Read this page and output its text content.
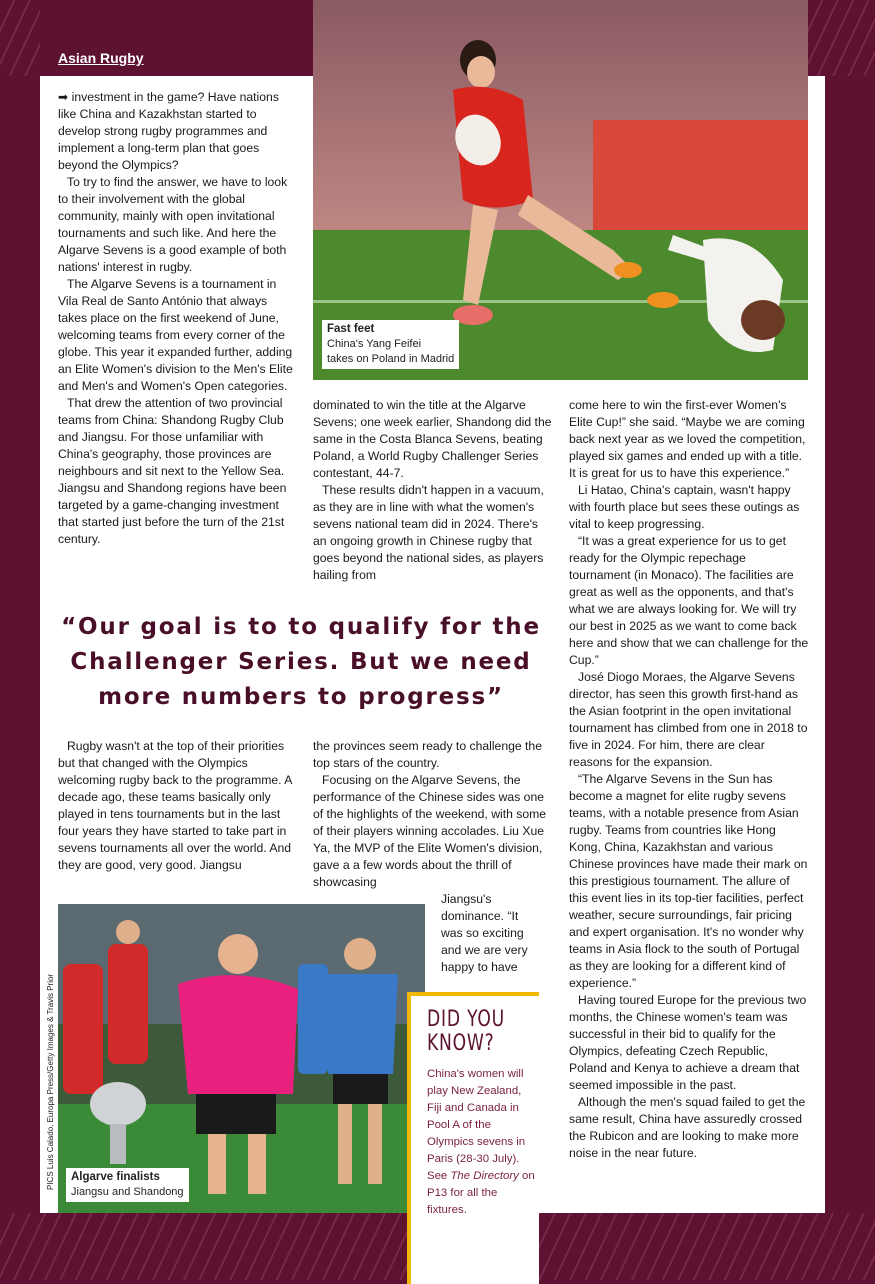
Asian Rugby
Fast feet
China's Yang Feifei
takes on Poland in Madrid

➡ investment in the game? Have nations like China and Kazakhstan started to develop strong rugby programmes and implement a long-term plan that goes beyond the Olympics?

To try to find the answer, we have to look to their involvement with the global community, mainly with open invitational tournaments and such like. And here the Algarve Sevens is a good example of both nations' interest in rugby.

The Algarve Sevens is a tournament in Vila Real de Santo António that always takes place on the first weekend of June, welcoming teams from every corner of the globe. This year it expanded further, adding an Elite Women's division to the Men's Elite and Men's and Women's Open categories.

That drew the attention of two provincial teams from China: Shandong Rugby Club and Jiangsu. For those unfamiliar with China's geography, those provinces are neighbours and sit next to the Yellow Sea. Jiangsu and Shandong regions have been targeted by a game-changing investment that started just before the turn of the 21st century.

dominated to win the title at the Algarve Sevens; one week earlier, Shandong did the same in the Costa Blanca Sevens, beating Poland, a World Rugby Challenger Series contestant, 44-7.

These results didn't happen in a vacuum, as they are in line with what the women's sevens national team did in 2024. There's an ongoing growth in Chinese rugby that goes beyond the national sides, as players hailing from

come here to win the first-ever Women's Elite Cup!” she said. “Maybe we are coming back next year as we loved the competition, played six games and ended up with a title. It is great for us to have this experience.”

Li Hatao, China's captain, wasn't happy with fourth place but sees these outings as vital to keep progressing.

“It was a great experience for us to get ready for the Olympic repechage tournament (in Monaco). The facilities are great as well as the opponents, and that's what we are always looking for. We will try our best in 2025 as we want to come back here and show that we can challenge for the Cup.”

José Diogo Moraes, the Algarve Sevens director, has seen this growth first-hand as the Asian footprint in the open invitational tournament has climbed from one in 2018 to five in 2024. For him, there are clear reasons for the expansion.

“The Algarve Sevens in the Sun has become a magnet for elite rugby sevens teams, with a notable presence from Asian rugby. Teams from countries like Hong Kong, China, Kazakhstan and various Chinese provinces have made their mark on this prestigious tournament. The allure of this event lies in its top-tier facilities, perfect weather, secure surroundings, fair pricing and expert organisation. It's no wonder why teams in Asia flock to the south of Portugal as they are looking for a different kind of experience.”

Having toured Europe for the previous two months, the Chinese women's team was successful in their bid to qualify for the Olympics, defeating Czech Republic, Poland and Kenya to achieve a dream that seemed impossible in the past.

Although the men's squad failed to get the same result, China have assuredly crossed the Rubicon and are looking to make more noise in the near future.

“Our goal is to to qualify for the
Challenger Series. But we need
more numbers to progress”

Rugby wasn't at the top of their priorities but that changed with the Olympics welcoming rugby back to the programme. A decade ago, these teams basically only played in tens tournaments but in the last four years they have started to take part in sevens tournaments all over the world. And they are good, very good. Jiangsu

the provinces seem ready to challenge the top stars of the country.

Focusing on the Algarve Sevens, the performance of the Chinese sides was one of the highlights of the weekend, with some of their players winning accolades. Liu Xue Ya, the MVP of the Elite Women's division, gave a a few words about the thrill of showcasing

Jiangsu's dominance. “It was so exciting and we are very happy to have

Algarve finalists
Jiangsu and Shandong
PICS Luis Calado, Europa Press/Getty Images & Travis Prior	DID YOU
KNOW?

China's women will play New Zealand, Fiji and Canada in Pool A of the Olympics sevens in Paris (28-30 July). See The Directory on P13 for all the fixtures.

72
